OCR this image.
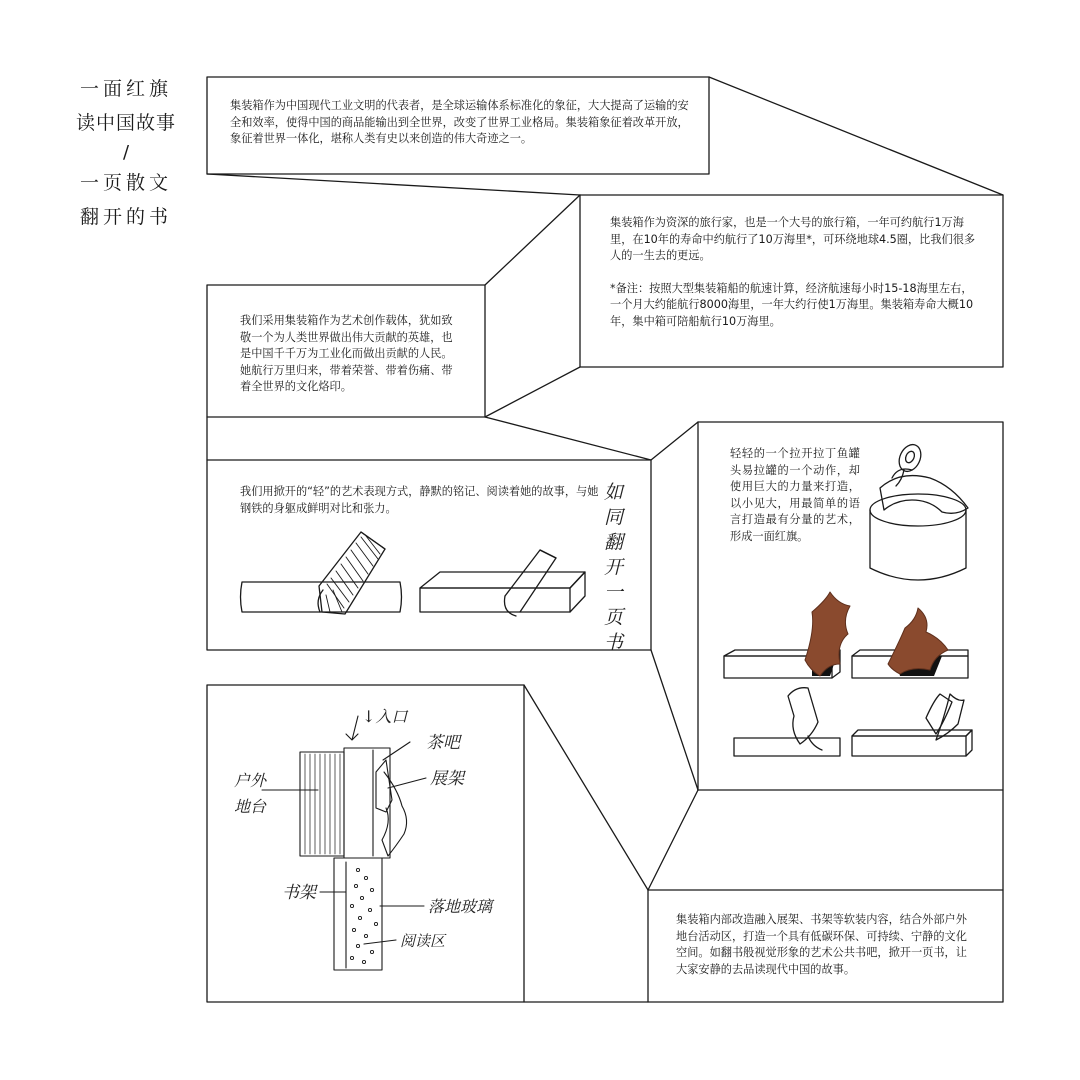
一面红旗
读中国故事
/
一页散文
翻开的书
如同翻开一页书
↓入口
茶吧
展架
户外
地台
书架
落地玻璃
阅读区

集装箱作为中国现代工业文明的代表者，是全球运输体系标准化的象征，大大提高了运输的安全和效率，使得中国的商品能输出到全世界，改变了世界工业格局。集装箱象征着改革开放，象征着世界一体化，堪称人类有史以来创造的伟大奇迹之一。

集装箱作为资深的旅行家，也是一个大号的旅行箱，一年可约航行1万海里，在10年的寿命中约航行了10万海里*，可环绕地球4.5圈，比我们很多人的一生去的更远。

*备注：按照大型集装箱船的航速计算，经济航速每小时15-18海里左右，一个月大约能航行8000海里，一年大约行使1万海里。集装箱寿命大概10年，集中箱可陪船航行10万海里。

我们采用集装箱作为艺术创作载体，犹如致敬一个为人类世界做出伟大贡献的英雄，也是中国千千万为工业化而做出贡献的人民。她航行万里归来，带着荣誉、带着伤痛、带着全世界的文化烙印。

我们用掀开的“轻”的艺术表现方式，静默的铭记、阅读着她的故事，与她钢铁的身躯成鲜明对比和张力。

轻轻的一个拉开拉丁鱼罐头易拉罐的一个动作，却使用巨大的力量来打造，以小见大，用最简单的语言打造最有分量的艺术，形成一面红旗。

集装箱内部改造融入展架、书架等软装内容，结合外部户外地台活动区，打造一个具有低碳环保、可持续、宁静的文化空间。如翻书般视觉形象的艺术公共书吧，掀开一页书，让大家安静的去品读现代中国的故事。
